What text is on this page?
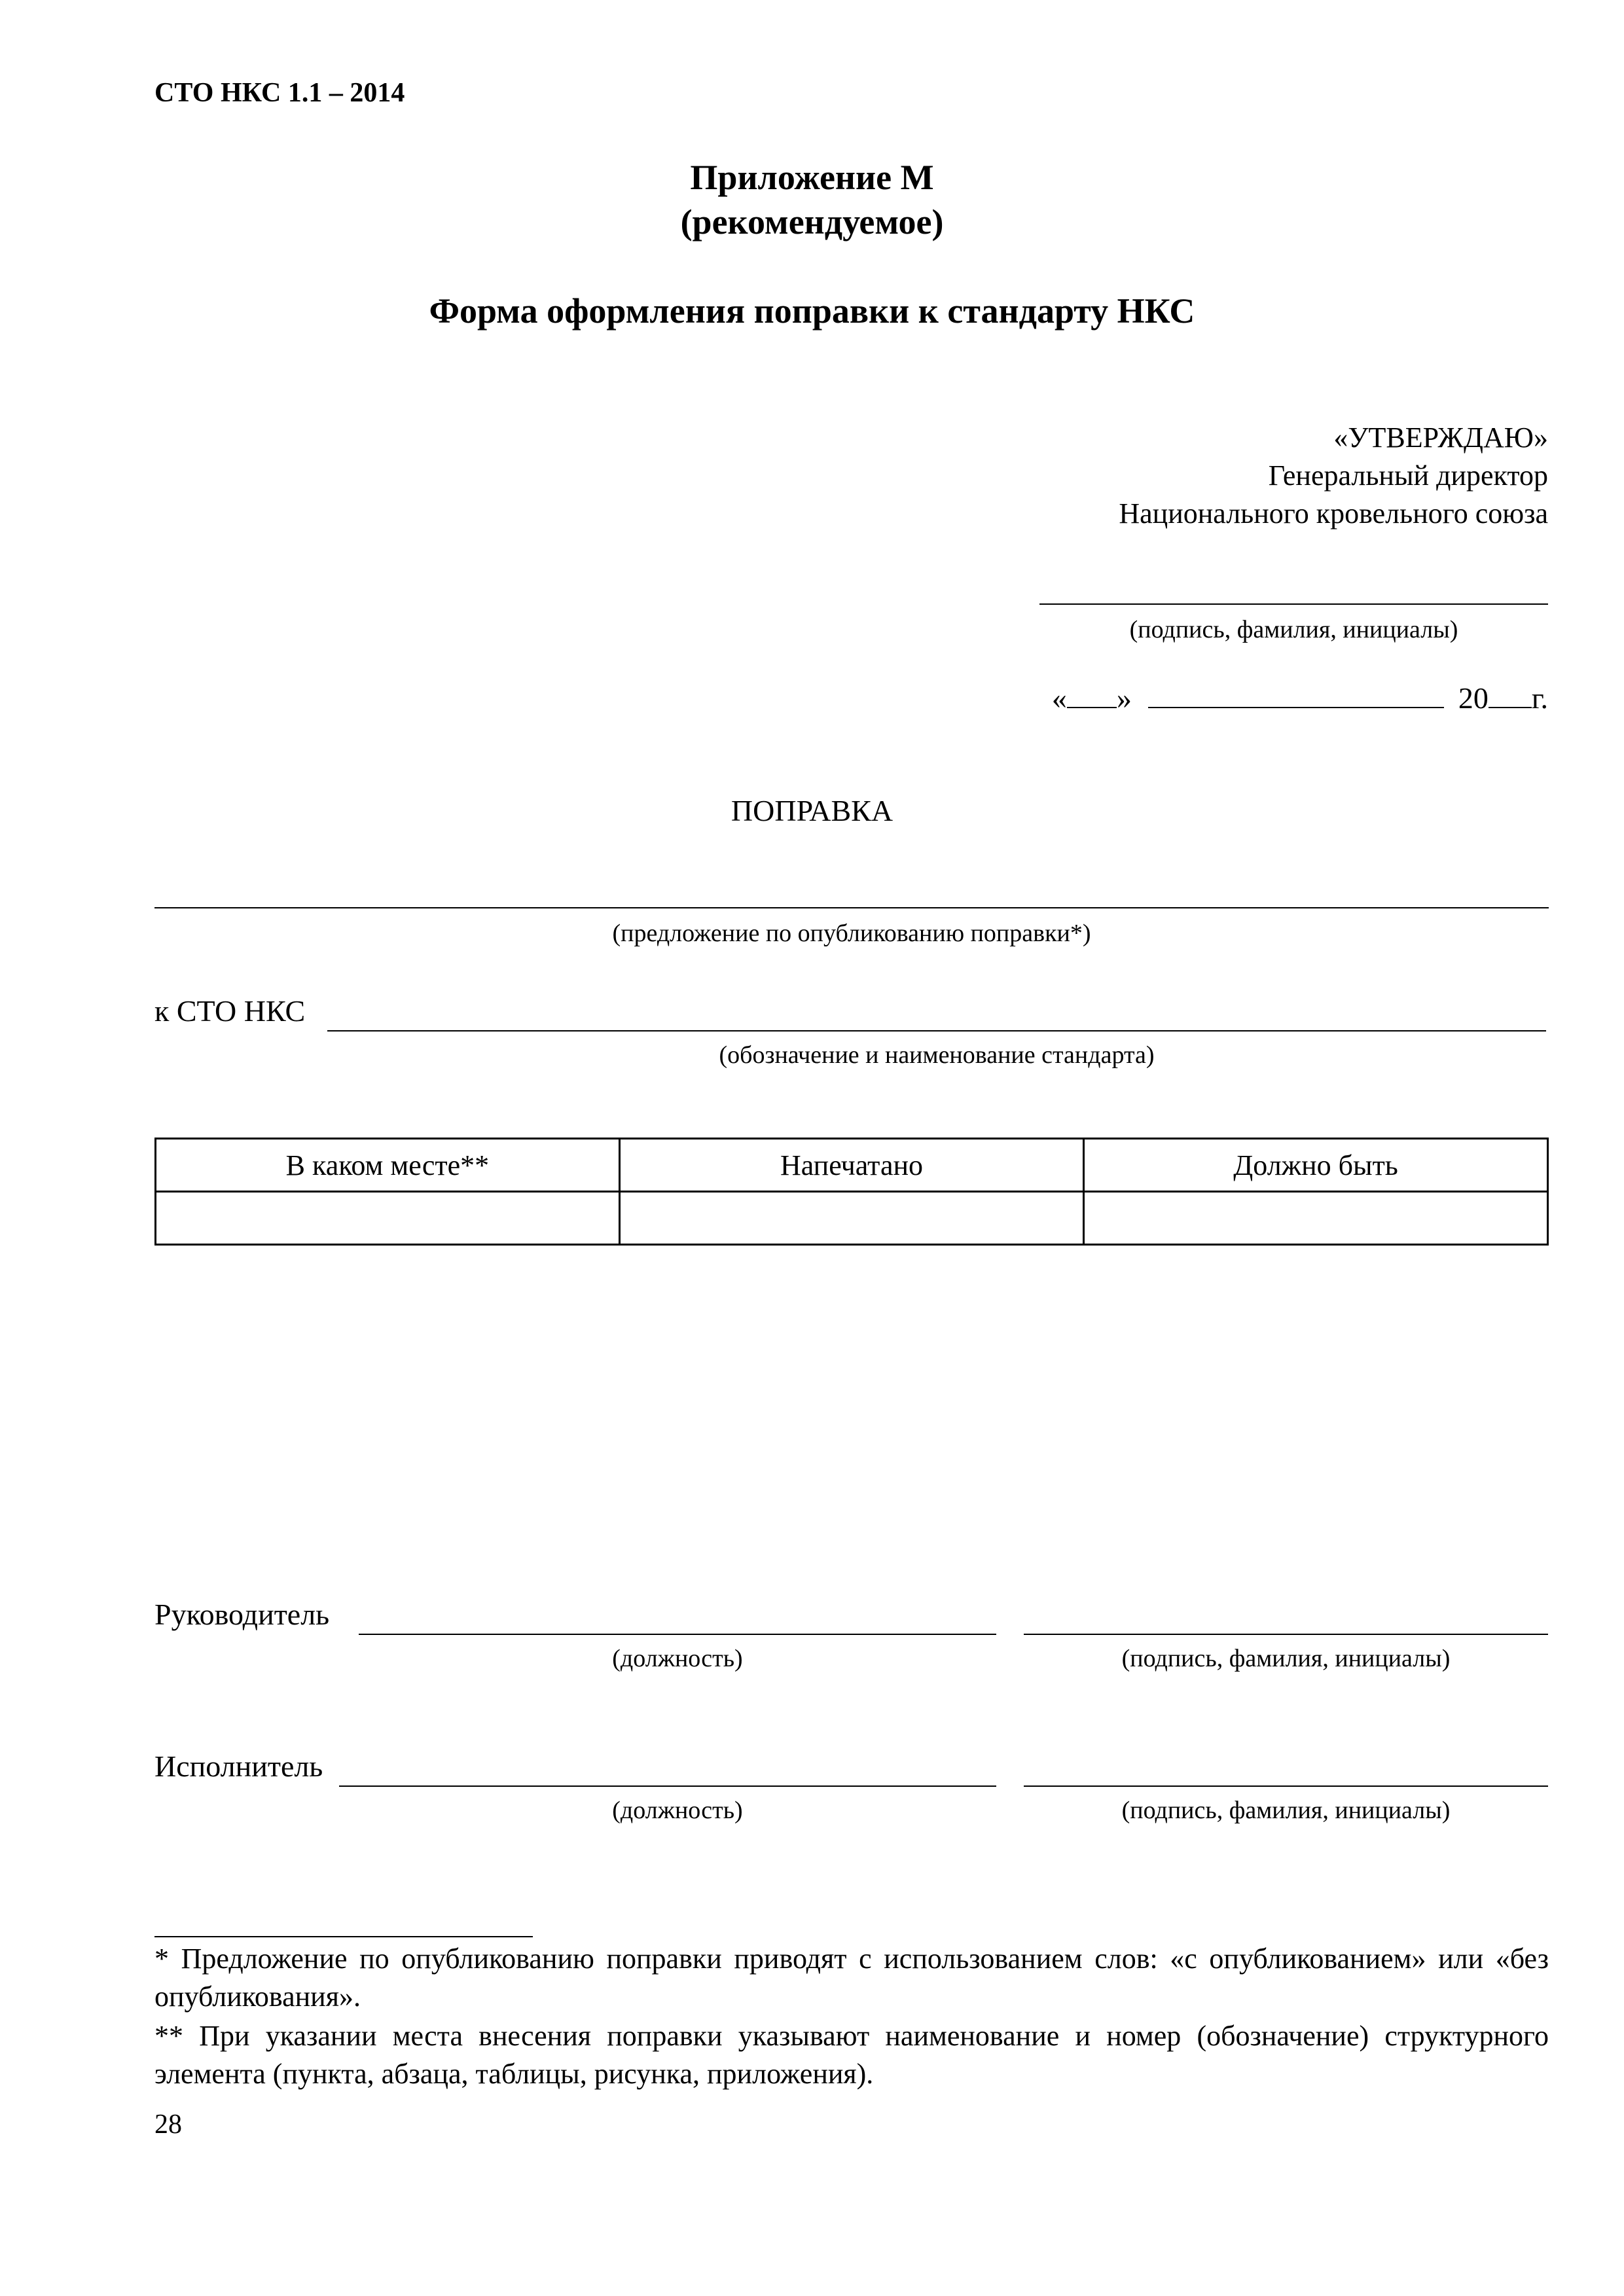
СТО НКС 1.1 – 2014
Приложение М
(рекомендуемое)
Форма оформления поправки к стандарту НКС
«УТВЕРЖДАЮ»
Генеральный директор
Национального кровельного союза
(подпись, фамилия, инициалы)
« »	20 г.
ПОПРАВКА
(предложение по опубликованию поправки*)
к СТО НКС
(обозначение и наименование стандарта)
В каком месте**	Напечатано	Должно быть

Руководитель
(должность)	(подпись, фамилия, инициалы)
Исполнитель
(должность)	(подпись, фамилия, инициалы)
* Предложение по опубликованию поправки приводят с использованием слов: «с опубликованием» или «без опубликования».
** При указании места внесения поправки указывают наименование и номер (обозначение) структурного элемента (пункта, абзаца, таблицы, рисунка, приложения).
28
